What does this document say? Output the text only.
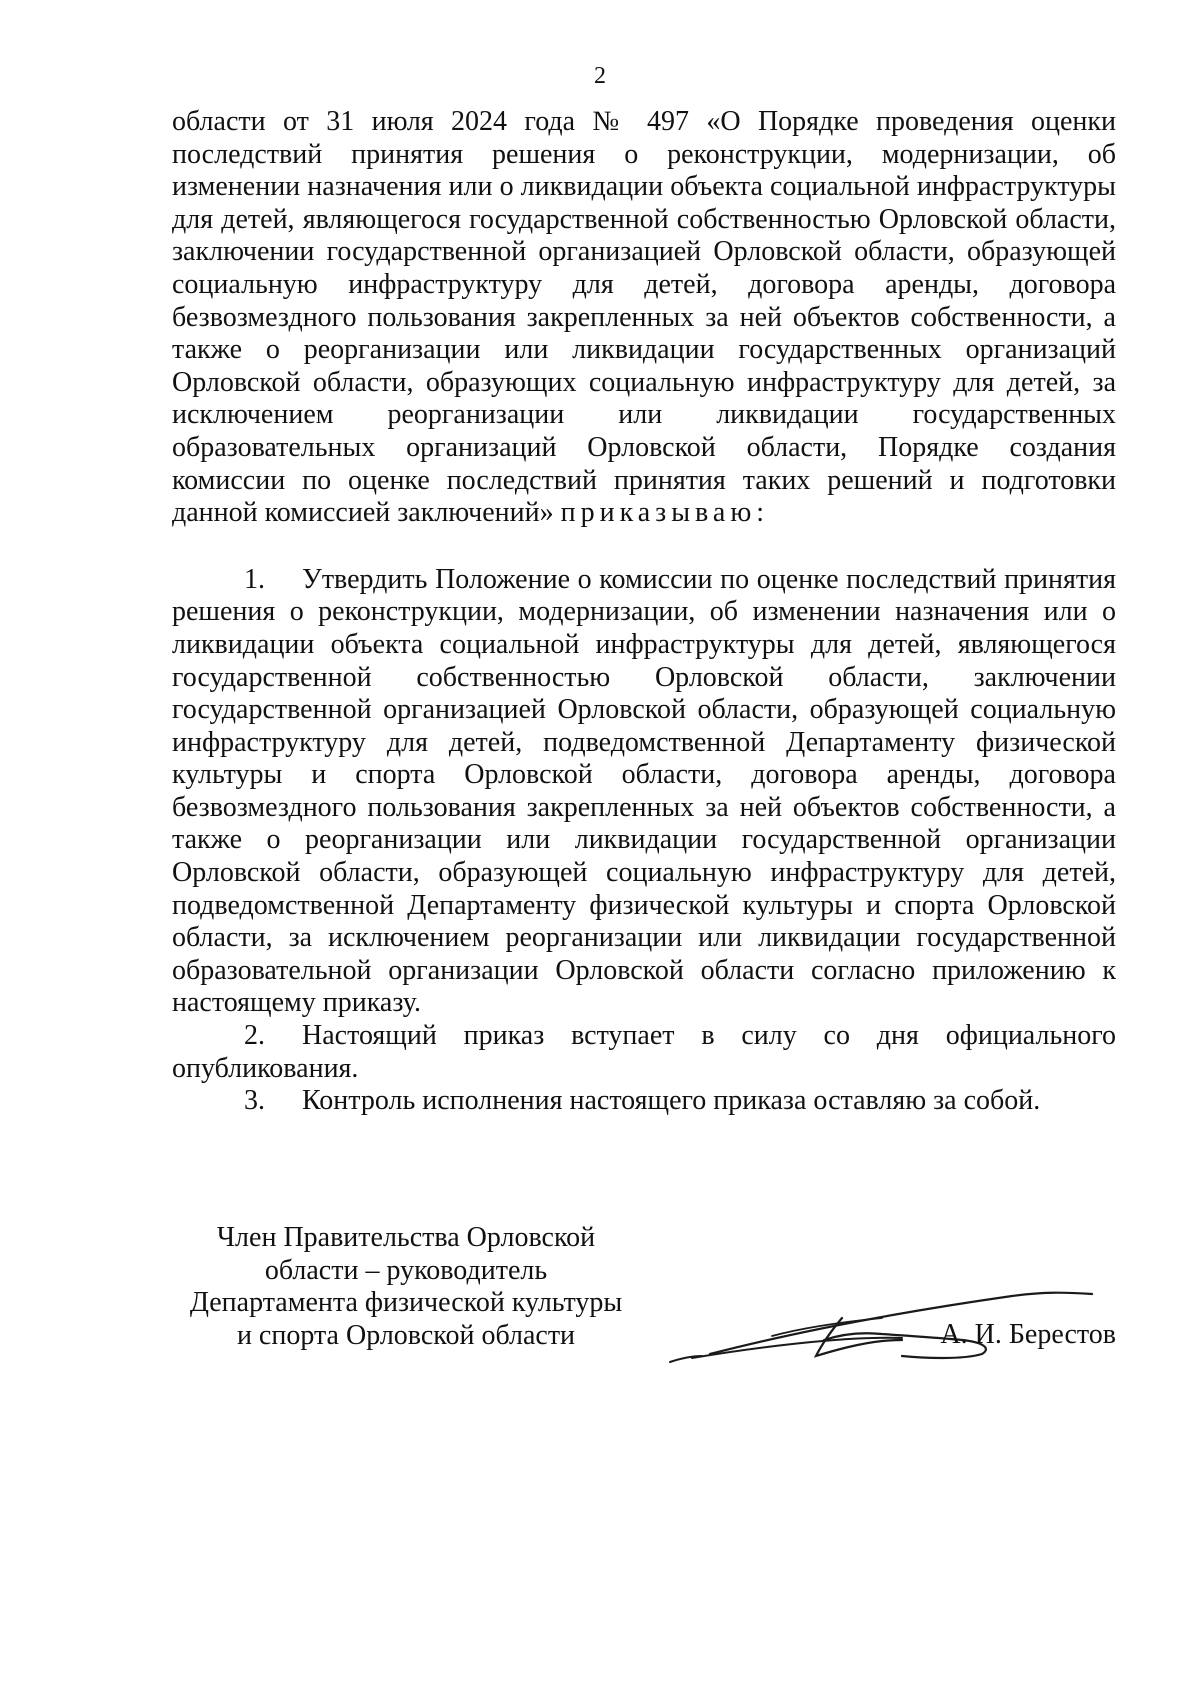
2

области от 31 июля 2024 года № 497 «О Порядке проведения оценки последствий принятия решения о реконструкции, модернизации, об изменении назначения или о ликвидации объекта социальной инфраструктуры для детей, являющегося государственной собственностью Орловской области, заключении государственной организацией Орловской области, образующей социальную инфраструктуру для детей, договора аренды, договора безвозмездного пользования закрепленных за ней объектов собственности, а также о реорганизации или ликвидации государственных организаций Орловской области, образующих социальную инфраструктуру для детей, за исключением реорганизации или ликвидации государственных образовательных организаций Орловской области, Порядке создания комиссии по оценке последствий принятия таких решений и подготовки данной комиссией заключений» приказываю:

1. Утвердить Положение о комиссии по оценке последствий принятия решения о реконструкции, модернизации, об изменении назначения или о ликвидации объекта социальной инфраструктуры для детей, являющегося государственной собственностью Орловской области, заключении государственной организацией Орловской области, образующей социальную инфраструктуру для детей, подведомственной Департаменту физической культуры и спорта Орловской области, договора аренды, договора безвозмездного пользования закрепленных за ней объектов собственности, а также о реорганизации или ликвидации государственной организации Орловской области, образующей социальную инфраструктуру для детей, подведомственной Департаменту физической культуры и спорта Орловской области, за исключением реорганизации или ликвидации государственной образовательной организации Орловской области согласно приложению к настоящему приказу.

2. Настоящий приказ вступает в силу со дня официального опубликования.

3. Контроль исполнения настоящего приказа оставляю за собой.

Член Правительства Орловской
области – руководитель
Департамента физической культуры
и спорта Орловской области	А. И. Берестов
